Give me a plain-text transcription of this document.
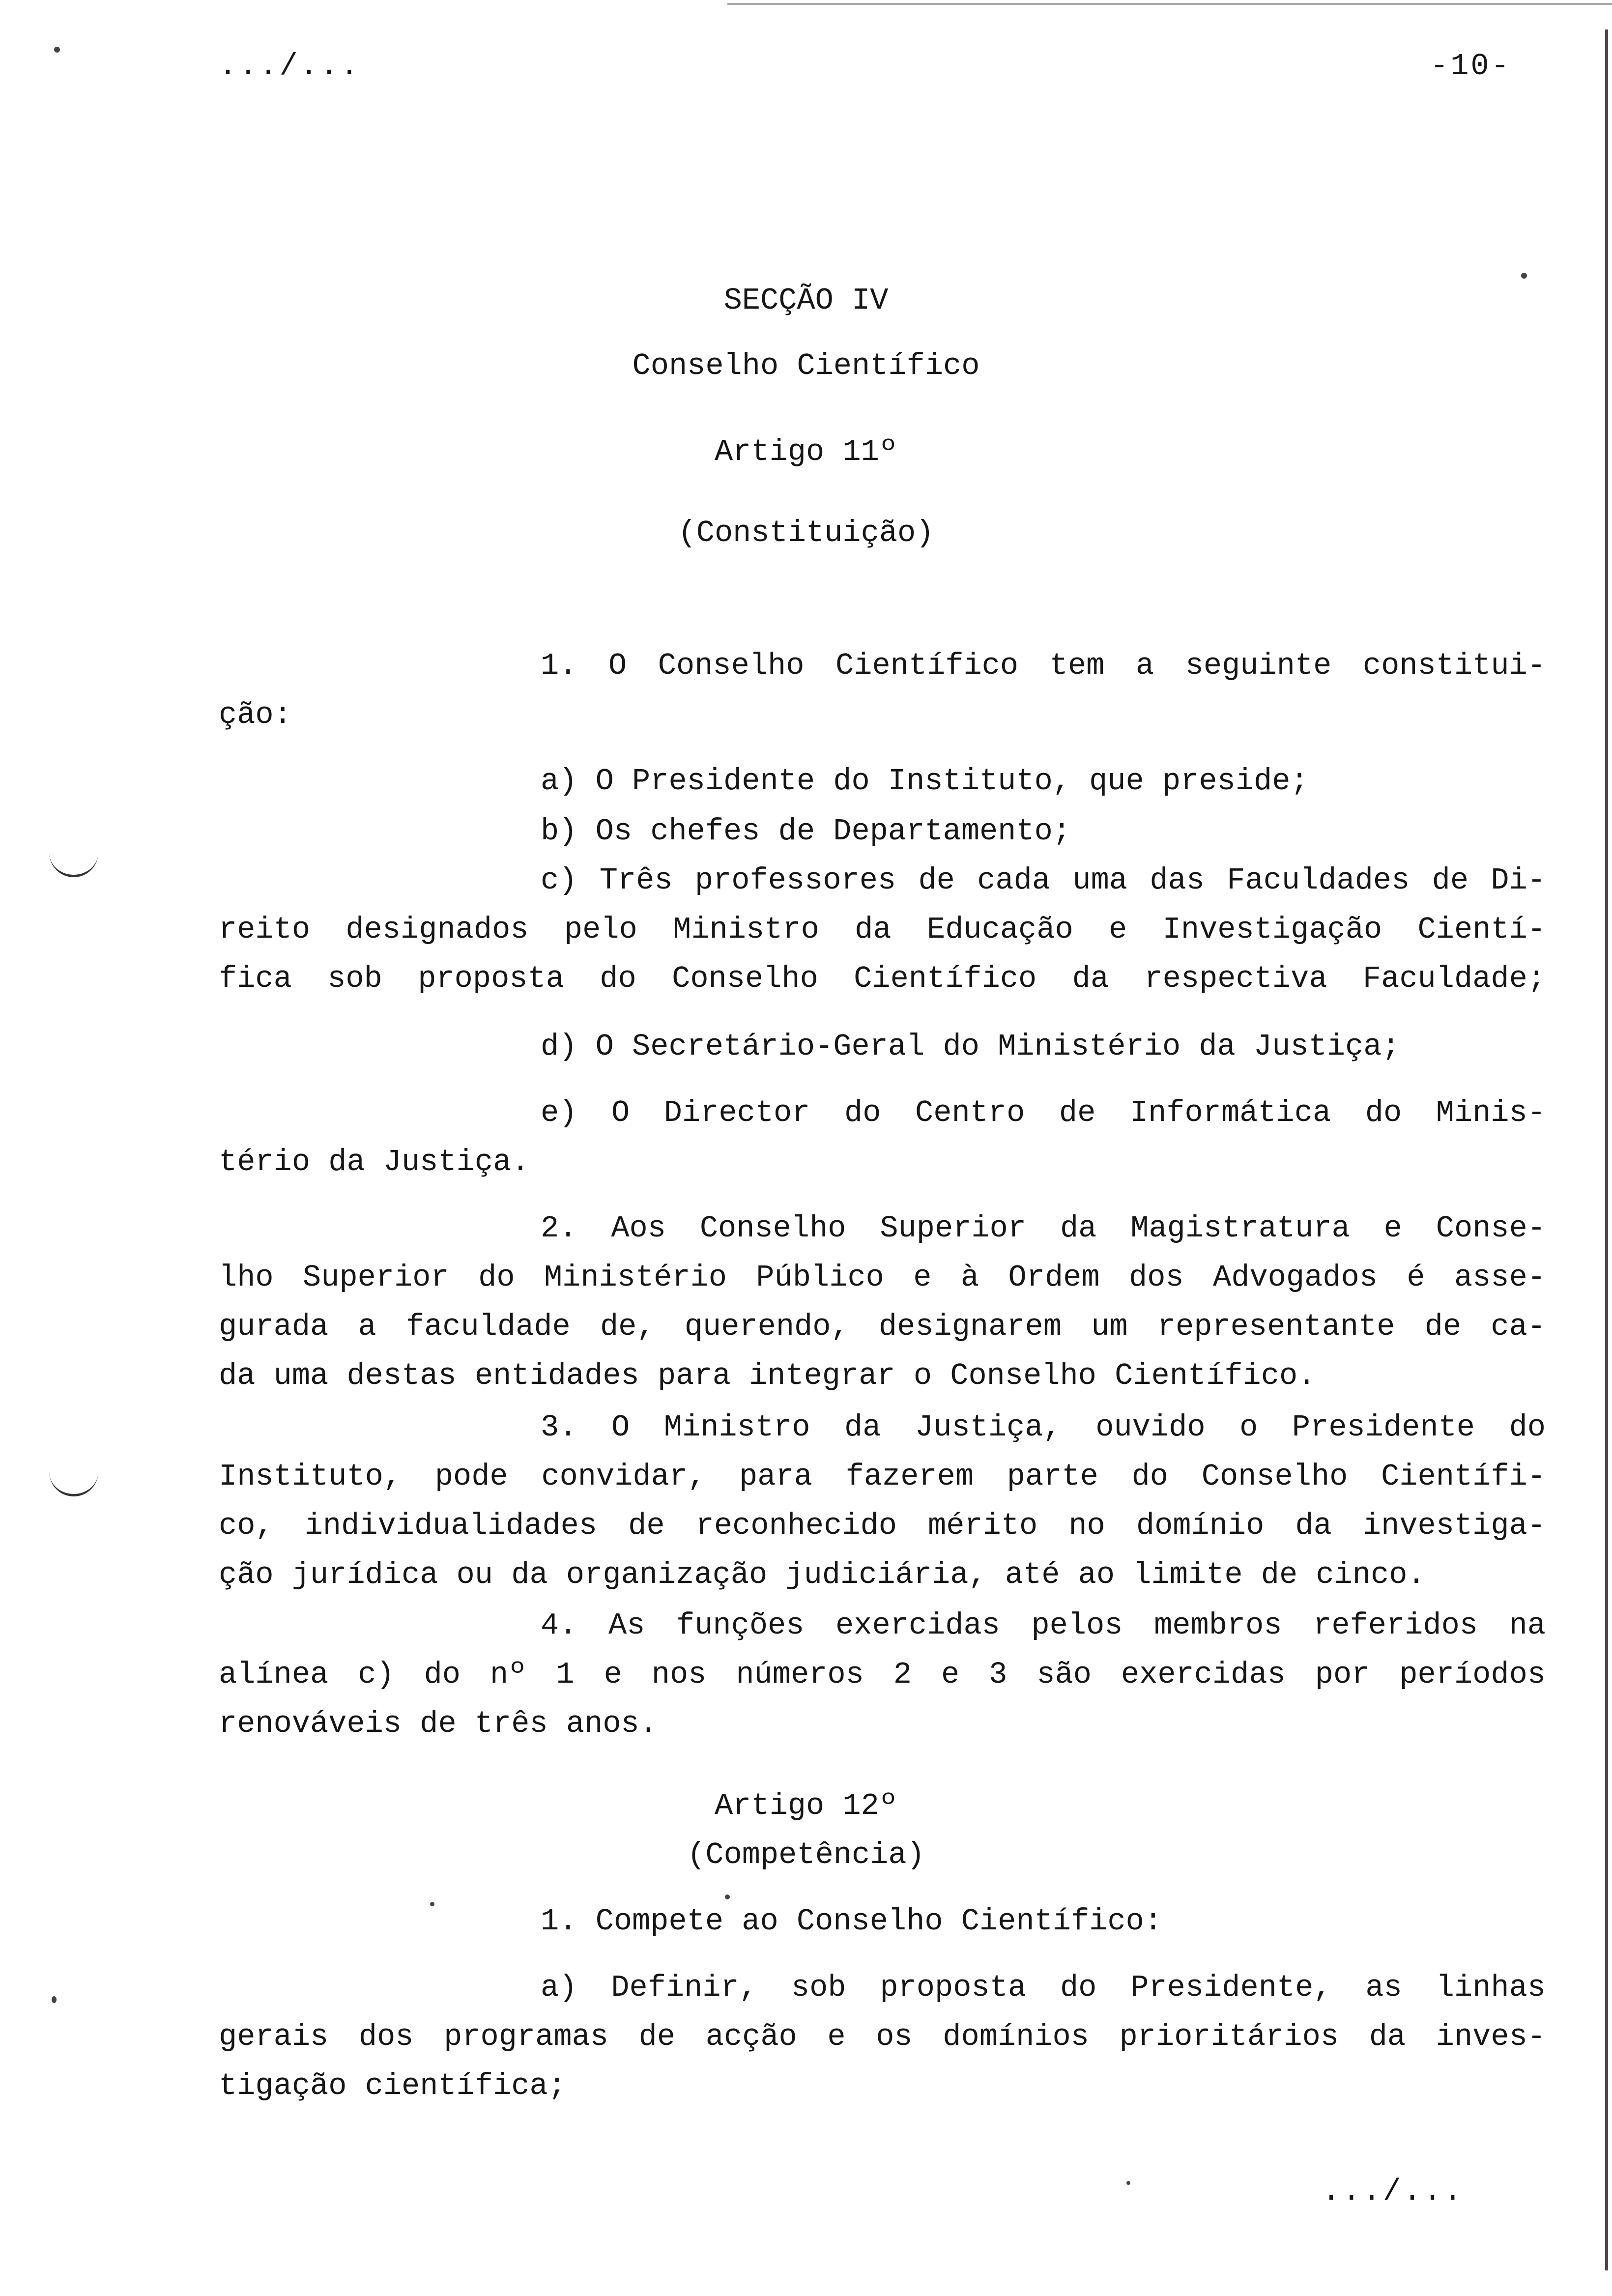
.../...	-10-
SECÇÃO IV
Conselho Científico
Artigo 11º
(Constituição)
1. O Conselho Científico tem a seguinte constitui-
ção:
a) O Presidente do Instituto, que preside;
b) Os chefes de Departamento;
c) Três professores de cada uma das Faculdades de Di-
reito designados pelo Ministro da Educação e Investigação Cientí-
fica sob proposta do Conselho Científico da respectiva Faculdade;
d) O Secretário-Geral do Ministério da Justiça;
e) O Director do Centro de Informática do Minis-
tério da Justiça.
2. Aos Conselho Superior da Magistratura e Conse-
lho Superior do Ministério Público e à Ordem dos Advogados é asse-
gurada a faculdade de, querendo, designarem um representante de ca-
da uma destas entidades para integrar o Conselho Científico.
3. O Ministro da Justiça, ouvido o Presidente do
Instituto, pode convidar, para fazerem parte do Conselho Científi-
co, individualidades de reconhecido mérito no domínio da investiga-
ção jurídica ou da organização judiciária, até ao limite de cinco.
4. As funções exercidas pelos membros referidos na
alínea c) do nº 1 e nos números 2 e 3 são exercidas por períodos
renováveis de três anos.
Artigo 12º
(Competência)
1. Compete ao Conselho Científico:
a) Definir, sob proposta do Presidente, as linhas
gerais dos programas de acção e os domínios prioritários da inves-
tigação científica;
.../...
